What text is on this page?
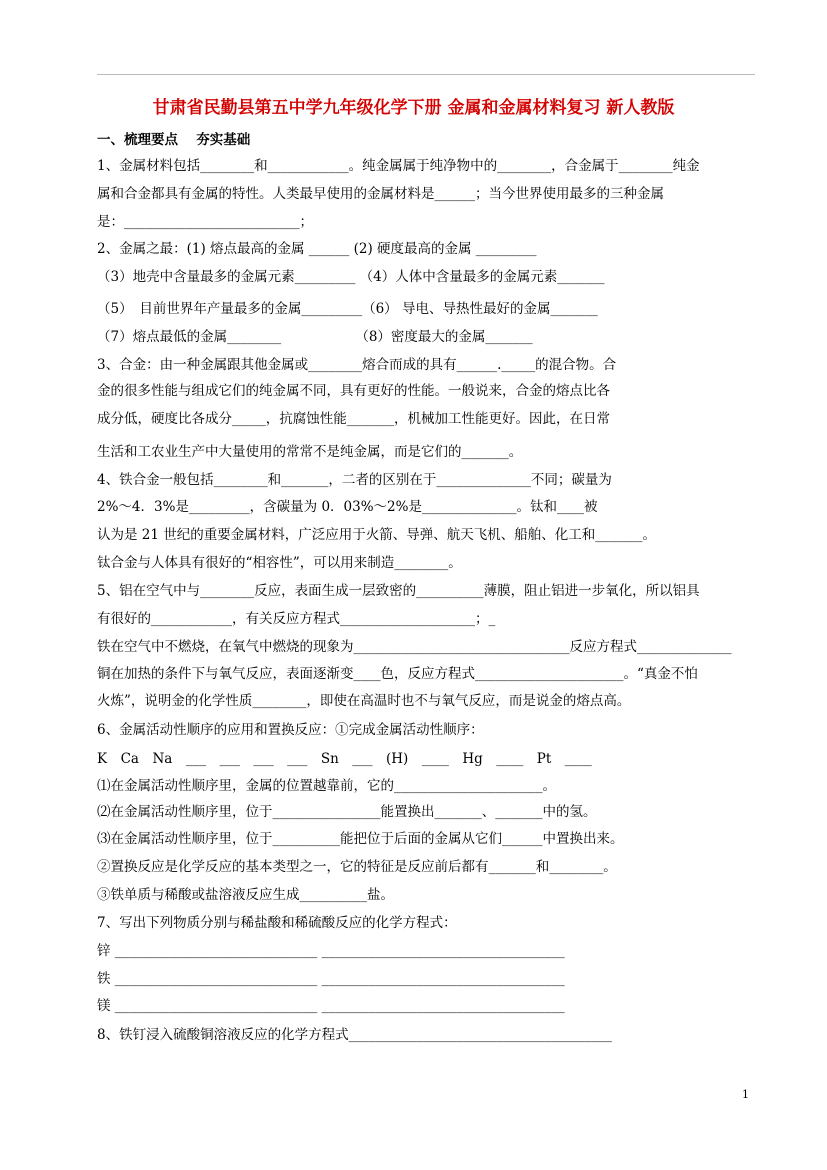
甘肃省民勤县第五中学九年级化学下册 金属和金属材料复习 新人教版
一、梳理要点　 夯实基础
1、金属材料包括________和____________。纯金属属于纯净物中的________，合金属于________纯金
属和合金都具有金属的特性。人类最早使用的金属材料是______；当今世界使用最多的三种金属
是：__________________________；
2、金属之最：(1) 熔点最高的金属 ______ (2) 硬度最高的金属 _________
（3）地壳中含量最多的金属元素_________ （4）人体中含量最多的金属元素_______
（5）　目前世界年产量最多的金属_________（6） 导电、导热性最好的金属_______
（7）熔点最低的金属________　　　　　　（8）密度最大的金属_______
3、合金：由一种金属跟其他金属或________熔合而成的具有______._____的混合物。合
金的很多性能与组成它们的纯金属不同，具有更好的性能。一般说来，合金的熔点比各
成分低，硬度比各成分_____，抗腐蚀性能_______，机械加工性能更好。因此，在日常
生活和工农业生产中大量使用的常常不是纯金属，而是它们的_______。
4、铁合金一般包括________和_______，二者的区别在于______________不同；碳量为
2%～4．3%是_________，含碳量为 0．03%～2%是______________。钛和____被
认为是 21 世纪的重要金属材料，广泛应用于火箭、导弹、航天飞机、船舶、化工和_______。
钛合金与人体具有很好的“相容性”，可以用来制造________。
5、铝在空气中与________反应，表面生成一层致密的__________薄膜，阻止铝进一步氧化，所以铝具
有很好的____________，有关反应方程式____________________；_
铁在空气中不燃烧，在氧气中燃烧的现象为________________________________反应方程式______________
铜在加热的条件下与氧气反应，表面逐渐变____色，反应方程式______________________。“真金不怕
火炼”，说明金的化学性质________，即使在高温时也不与氧气反应，而是说金的熔点高。
6、金属活动性顺序的应用和置换反应：①完成金属活动性顺序：
K　Ca　Na　___　___　___　___　Sn　___　(H)　____　Hg　____　Pt　____
⑴在金属活动性顺序里，金属的位置越靠前，它的______________________。
⑵在金属活动性顺序里，位于________________能置换出_______、_______中的氢。
⑶在金属活动性顺序里，位于__________能把位于后面的金属从它们______中置换出来。
②置换反应是化学反应的基本类型之一，它的特征是反应前后都有_______和________。
③铁单质与稀酸或盐溶液反应生成__________盐。
7、写出下列物质分别与稀盐酸和稀硫酸反应的化学方程式：
锌 ______________________________ ____________________________________
铁 ______________________________ ____________________________________
镁 ______________________________ ____________________________________
8、铁钉浸入硫酸铜溶液反应的化学方程式_______________________________________
1
